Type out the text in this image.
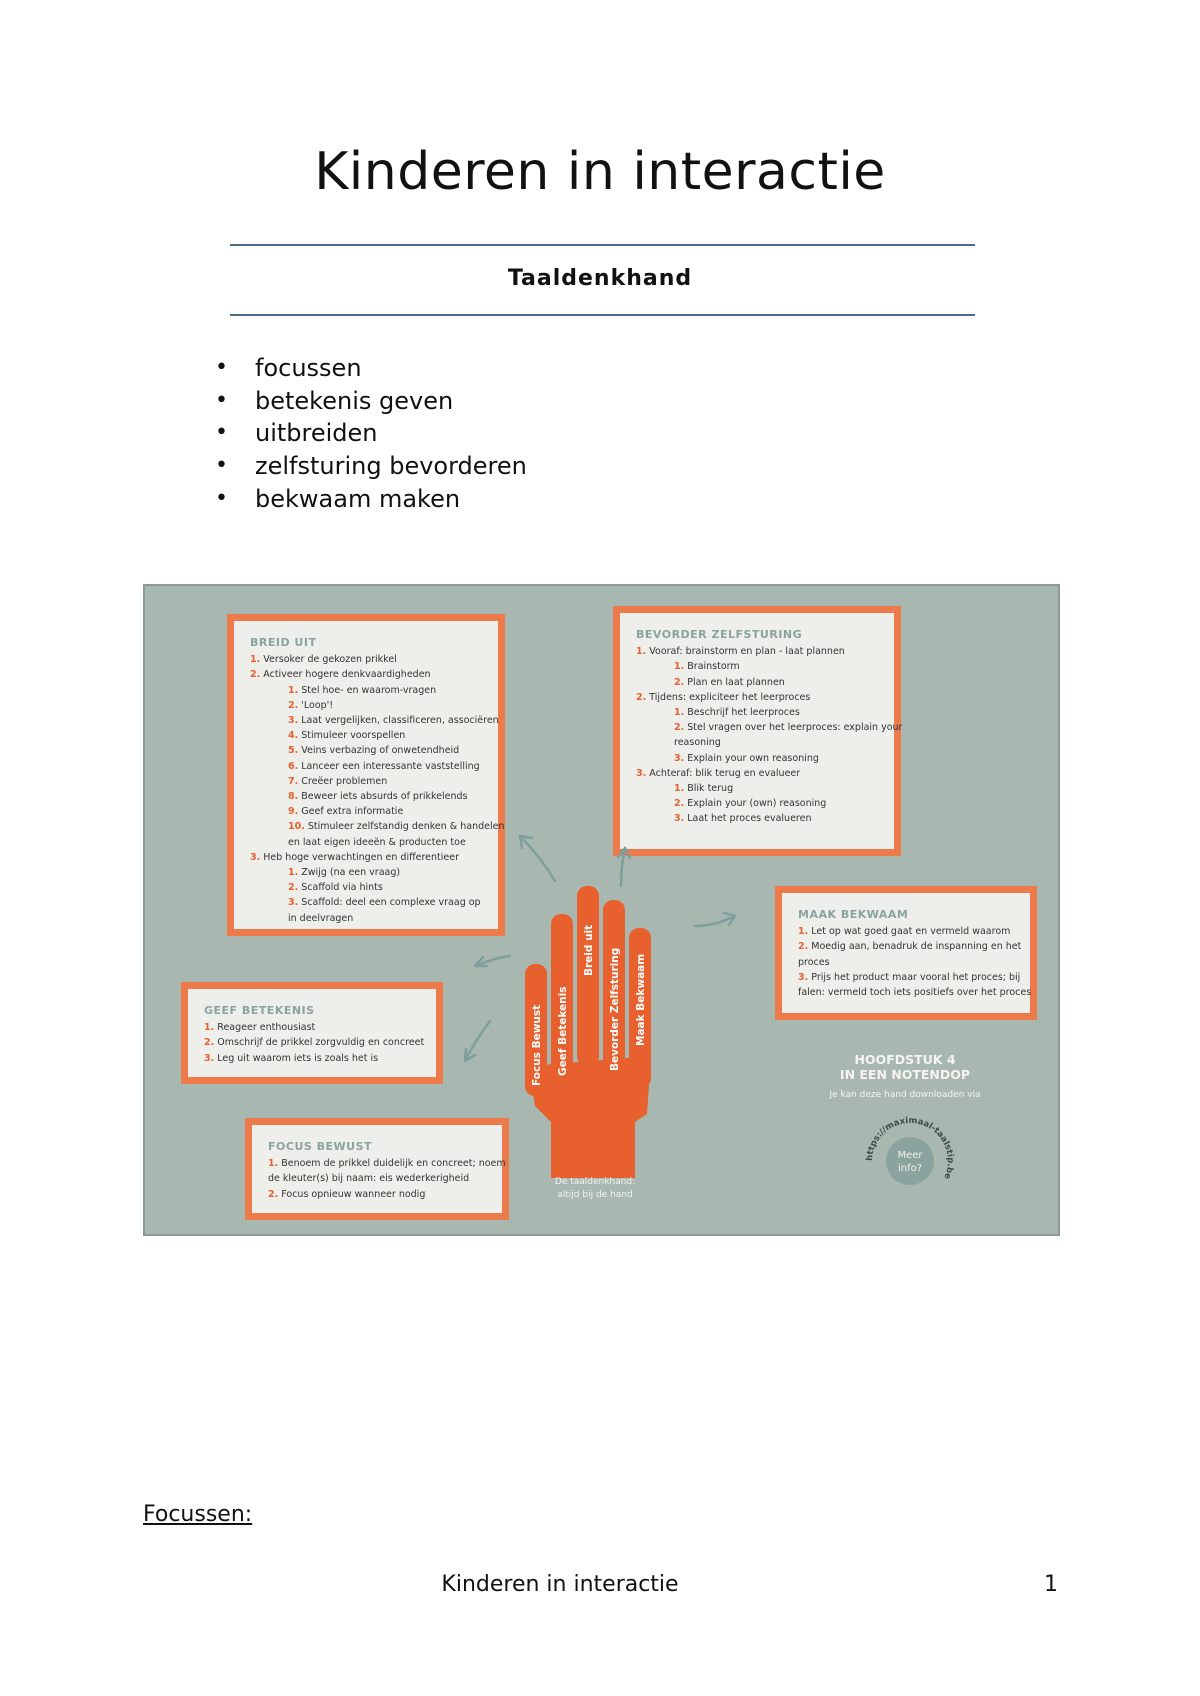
Kinderen in interactie
Taaldenkhand
• focussen
• betekenis geven
• uitbreiden
• zelfsturing bevorderen
• bekwaam maken
BREID UIT
1. Versoker de gekozen prikkel
2. Activeer hogere denkvaardigheden
1. Stel hoe- en waarom-vragen
2. 'Loop'!
3. Laat vergelijken, classificeren, associëren
4. Stimuleer voorspellen
5. Veins verbazing of onwetendheid
6. Lanceer een interessante vaststelling
7. Creëer problemen
8. Beweer iets absurds of prikkelends
9. Geef extra informatie
10. Stimuleer zelfstandig denken & handelen
en laat eigen ideeën & producten toe
3. Heb hoge verwachtingen en differentieer
1. Zwijg (na een vraag)
2. Scaffold via hints
3. Scaffold: deel een complexe vraag op
in deelvragen
BEVORDER ZELFSTURING
1. Vooraf: brainstorm en plan - laat plannen
1. Brainstorm
2. Plan en laat plannen
2. Tijdens: expliciteer het leerproces
1. Beschrijf het leerproces
2. Stel vragen over het leerproces: explain your
reasoning
3. Explain your own reasoning
3. Achteraf: blik terug en evalueer
1. Blik terug
2. Explain your (own) reasoning
3. Laat het proces evalueren
MAAK BEKWAAM
1. Let op wat goed gaat en vermeld waarom
2. Moedig aan, benadruk de inspanning en het
proces
3. Prijs het product maar vooral het proces; bij
falen: vermeld toch iets positiefs over het proces
GEEF BETEKENIS
1. Reageer enthousiast
2. Omschrijf de prikkel zorgvuldig en concreet
3. Leg uit waarom iets is zoals het is
FOCUS BEWUST
1. Benoem de prikkel duidelijk en concreet; noem
de kleuter(s) bij naam: eis wederkerigheid
2. Focus opnieuw wanneer nodig
Focus Bewust Geef Betekenis
Breid uit Bevorder Zelfsturing Maak Bekwaam
De taaldenkhand:
altijd bij de hand
HOOFDSTUK 4
IN EEN NOTENDOP
Je kan deze hand downloaden via
https://maximaal-taalstip.be
Meer
info?
Focussen:
Kinderen in interactie	1
